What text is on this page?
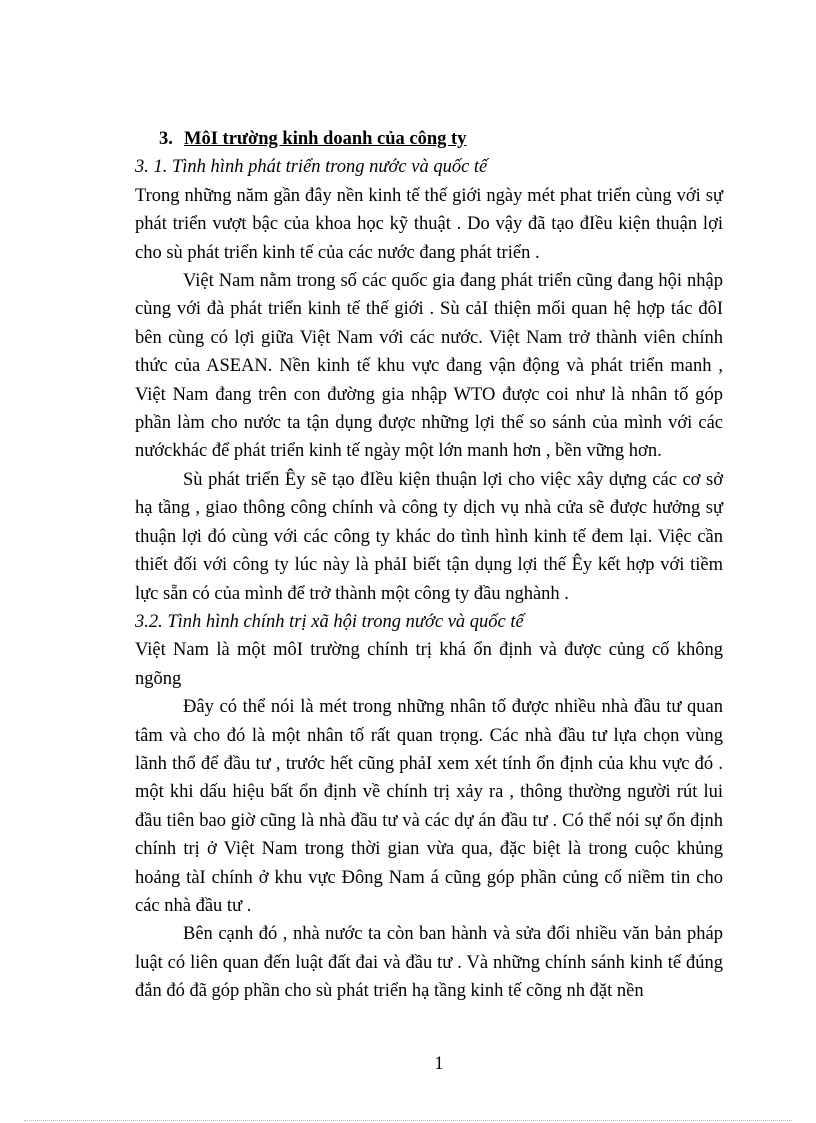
3. MôI trường kinh doanh của công ty

3. 1. Tình hình phát triển trong nước và quốc tế

Trong những năm gần đây nền kinh tế thế giới ngày mét phat triển cùng với sự phát triển vượt bậc của khoa học kỹ thuật . Do vậy đã tạo đIều kiện thuận lợi cho sù phát triển kinh tế của các nước đang phát triển .

Việt Nam nằm trong số các quốc gia đang phát triển cũng đang hội nhập cùng với đà phát triển kinh tế thế giới . Sù cảI thiện mối quan hệ hợp tác đôI bên cùng có lợi giữa Việt Nam với các nước. Việt Nam trở thành viên chính thức của ASEAN. Nền kinh tế khu vực đang vận động và phát triển manh , Việt Nam đang trên con đường gia nhập WTO được coi như là nhân tố góp phần làm cho nước ta tận dụng được những lợi thế so sánh của mình với các nướckhác để phát triển kinh tế ngày một lớn manh hơn , bền vững hơn.

Sù phát triển Êy sẽ tạo đIều kiện thuận lợi cho việc xây dựng các cơ sở hạ tầng , giao thông công chính và công ty dịch vụ nhà cửa sẽ được hưởng sự thuận lợi đó cùng với các công ty khác do tình hình kinh tế đem lại. Việc cần thiết đối với công ty lúc này là phảI biết tận dụng lợi thế Êy kết hợp với tiềm lực sẵn có của mình để trở thành một công ty đầu nghành .

3.2. Tình hình chính trị xã hội trong nước và quốc tế

Việt Nam là một môI trường chính trị khá ổn định và được củng cố không ngõng

Đây có thể nói là mét trong những nhân tố được nhiều nhà đầu tư quan tâm và cho đó là một nhân tố rất quan trọng. Các nhà đầu tư lựa chọn vùng lãnh thổ để đầu tư , trước hết cũng phảI xem xét tính ổn định của khu vực đó . một khi dấu hiệu bất ổn định về chính trị xảy ra , thông thường người rút lui đầu tiên bao giờ cũng là nhà đầu tư và các dự án đầu tư . Có thể nói sự ổn định chính trị ở Việt Nam trong thời gian vừa qua, đặc biệt là trong cuộc khủng hoảng tàI chính ở khu vực Đông Nam á cũng góp phần củng cố niềm tin cho các nhà đầu tư .

Bên cạnh đó , nhà nước ta còn ban hành và sửa đổi nhiều văn bản pháp luật có liên quan đến luật đất đai và đầu tư . Và những chính sánh kinh tế đúng đắn đó đã góp phần cho sù phát triển hạ tầng kinh tế cõng nh đặt nền

1
